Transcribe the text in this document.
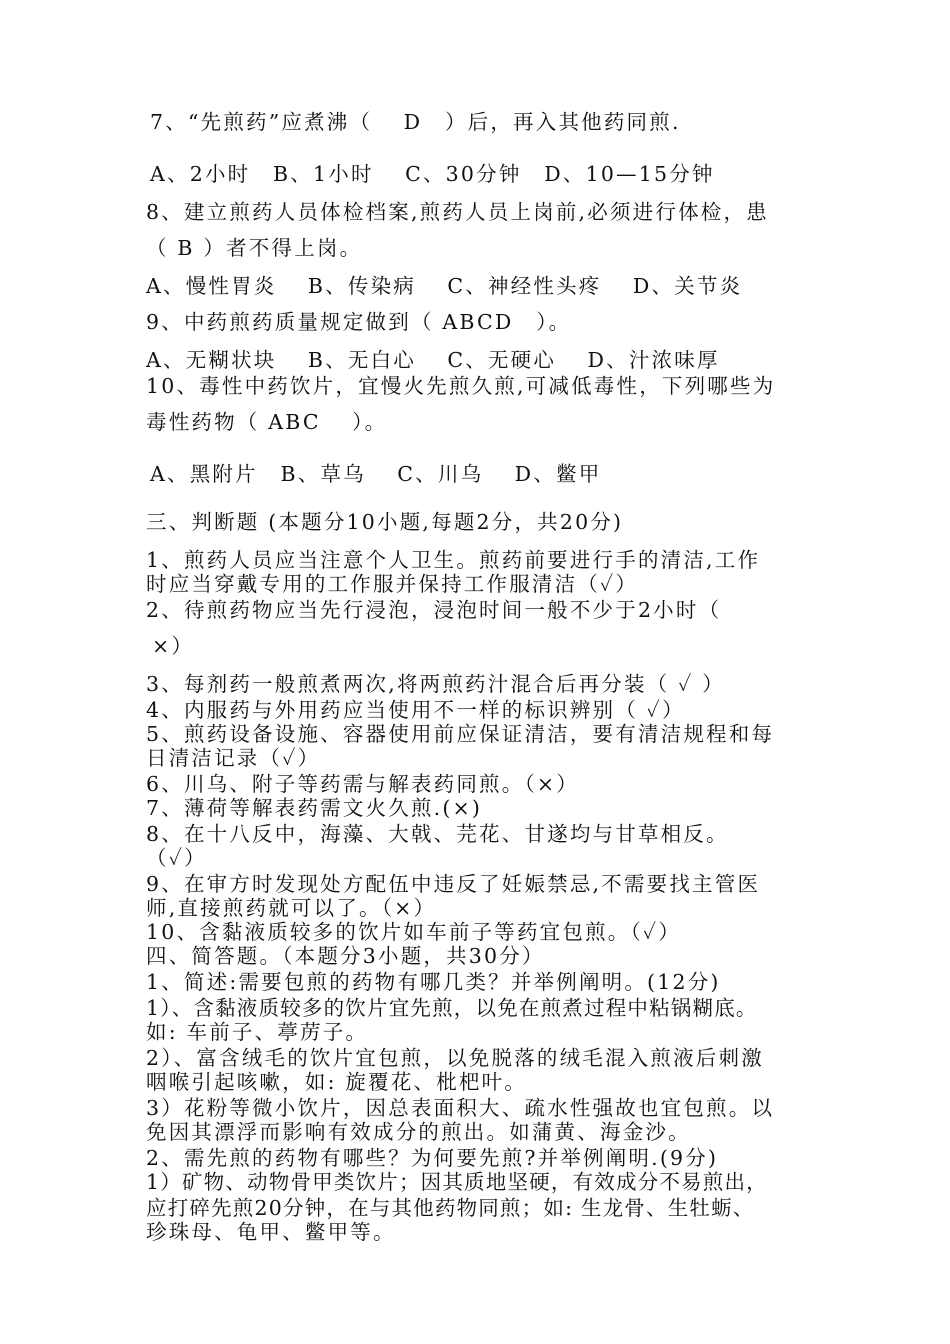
7、“先煎药”应煮沸（　 D　）后，再入其他药同煎.
A、2小时　B、1小时　 C、30分钟　D、10—15分钟
8、建立煎药人员体检档案,煎药人员上岗前,必须进行体检，患
（ B ）者不得上岗。
A、慢性胃炎　 B、传染病　 C、神经性头疼　 D、关节炎
9、中药煎药质量规定做到（ ABCD　）。
A、无糊状块　 B、无白心　 C、无硬心　 D、汁浓味厚
10、毒性中药饮片，宜慢火先煎久煎,可减低毒性，下列哪些为
毒性药物（ ABC　 ）。
A、黑附片　B、草乌　 C、川乌　 D、鳖甲
三、判断题 (本题分10小题,每题2分，共20分)
1、煎药人员应当注意个人卫生。煎药前要进行手的清洁,工作
时应当穿戴专用的工作服并保持工作服清洁（✓）
2、待煎药物应当先行浸泡，浸泡时间一般不少于2小时（
×）
3、每剂药一般煎煮两次,将两煎药汁混合后再分装（ ✓ ）
4、内服药与外用药应当使用不一样的标识辨别（ ✓）
5、煎药设备设施、容器使用前应保证清洁，要有清洁规程和每
日清洁记录（✓）
6、川乌、附子等药需与解表药同煎。（×）
7、薄荷等解表药需文火久煎.(×)
8、在十八反中，海藻、大戟、芫花、甘遂均与甘草相反。
（✓）
9、在审方时发现处方配伍中违反了妊娠禁忌,不需要找主管医
师,直接煎药就可以了。（×）
10、含黏液质较多的饮片如车前子等药宜包煎。（✓）
四、简答题。（本题分3小题，共30分）
1、简述:需要包煎的药物有哪几类？并举例阐明。(12分)
1）、含黏液质较多的饮片宜先煎，以免在煎煮过程中粘锅糊底。
如: 车前子、葶苈子。
2）、富含绒毛的饮片宜包煎，以免脱落的绒毛混入煎液后刺激
咽喉引起咳嗽，如: 旋覆花、枇杷叶。
3）花粉等微小饮片，因总表面积大、疏水性强故也宜包煎。以
免因其漂浮而影响有效成分的煎出。如蒲黄、海金沙。
2、需先煎的药物有哪些？为何要先煎?并举例阐明.(9分)
1）矿物、动物骨甲类饮片；因其质地坚硬，有效成分不易煎出，
应打碎先煎20分钟，在与其他药物同煎；如: 生龙骨、生牡蛎、
珍珠母、龟甲、鳖甲等。
